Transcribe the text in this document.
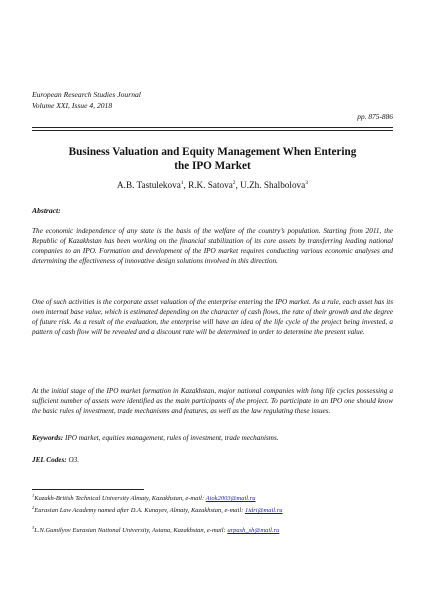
European Research Studies Journal
Volume XXI, Issue 4, 2018
pp. 875-886
Business Valuation and Equity Management When Entering the IPO Market
A.B. Tastulekova$^1$, R.K. Satova$^2$, U.Zh. Shalbolova$^3$
Abstract:

The economic independence of any state is the basis of the welfare of the country’s population. Starting from 2011, the Republic of Kazakhstan has been working on the financial stabilization of its core assets by transferring leading national companies to an IPO. Formation and development of the IPO market requires conducting various economic analyses and determining the effectiveness of innovative design solutions involved in this direction.

One of such activities is the corporate asset valuation of the enterprise entering the IPO market. As a rule, each asset has its own internal base value, which is estimated depending on the character of cash flows, the rate of their growth and the degree of future risk. As a result of the evaluation, the enterprise will have an idea of the life cycle of the project being invested, a pattern of cash flow will be revealed and a discount rate will be determined in order to determine the present value.

At the initial stage of the IPO market formation in Kazakhstan, major national companies with long life cycles possessing a sufficient number of assets were identified as the main participants of the project. To participate in an IPO one should know the basic rules of investment, trade mechanisms and features, as well as the law regulating these issues.

Keywords: IPO market, equities management, rules of investment, trade mechanisms.
JEL Codes: O3.
$^1$Kazakh-British Technical University Almaty, Kazakhstan, e-mail: Aiok2003@mail.ru
$^2$Eurasian Law Academy named after D.A. Kunayev, Almaty, Kazakhstan, e-mail: 1idri@mail.ru
$^3$L.N.Gumilyov Eurasian National University, Astana, Kazakhstan, e-mail: urpash_sh@mail.ru
